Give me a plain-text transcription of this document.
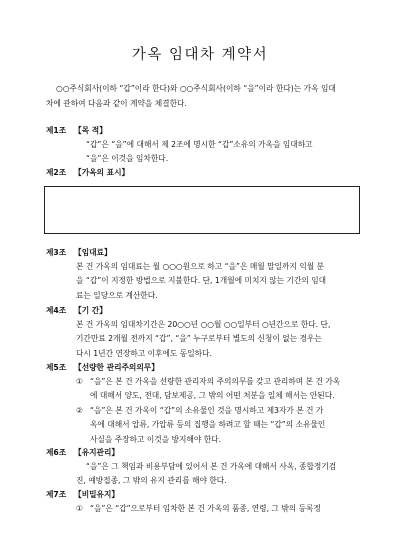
가옥 임대차 계약서
○○주식회사(이하 “갑”이라 한다)와 ○○주식회사(이하 “을”이라 한다)는 가옥 임대
차에 관하여 다음과 같이 계약을 체결한다.
제1조	【목 적】
“갑”은 “을”에 대해서 제 2조에 명시한 “갑”소유의 가옥을 임대하고
“을”은 이것을 임차한다.
제2조	【가옥의 표시】
제3조	【임대료】
본 건 가옥의 임대료는 월 ○○○원으로 하고 “을”은 매월 말일까지 익월 분
을 “갑”이 지정한 방법으로 지불한다. 단, 1개월에 미치지 않는 기간의 임대
료는 일당으로 계산한다.
제4조	【기 간】
본 건 가옥의 임대차기간은 20○○년 ○○월 ○○일부터 ○년간으로 한다. 단,
기간만료 2개월 전까지 “갑”, “을” 누구로부터 별도의 신청이 없는 경우는
다시 1년간 연장하고 이후에도 동일하다.
제5조	【선량한 관리주의의무】
① “을”은 본 건 가옥을 선량한 관리자의 주의의무를 갖고 관리하며 본 건 가옥
에 대해서 양도, 전대, 담보제공, 그 밖의 어떤 처분을 일체 해서는 안된다.
② “을”은 본 건 가옥이 “갑”의 소유물인 것을 명시하고 제3자가 본 건 가
옥에 대해서 압류, 가압류 등의 집행을 하려고 할 때는 “갑”의 소유물인
사실을 주장하고 이것을 방지해야 한다.
제6조	【유지관리】
“을”은 그 책임과 비용부담에 있어서 본 건 가옥에 대해서 사옥, 종합정기검
진, 예방접종, 그 밖의 유지 관리를 해야 한다.
제7조	【비밀유지】
① “을”은 “갑”으로부터 임차한 본 건 가옥의 품종, 연령, 그 밖의 등록정
